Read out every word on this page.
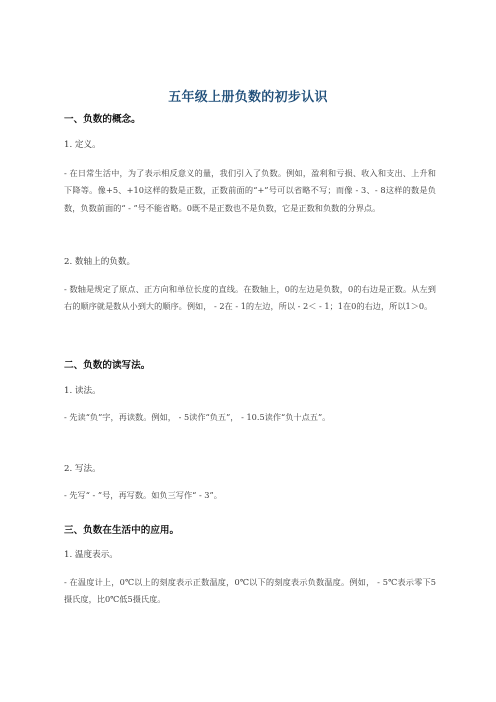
五年级上册负数的初步认识
一、负数的概念。
1. 定义。

- 在日常生活中，为了表示相反意义的量，我们引入了负数。例如，盈利和亏损、收入和支出、上升和下降等。像+5、+10这样的数是正数，正数前面的“+”号可以省略不写；而像 - 3、- 8这样的数是负数，负数前面的“ - ”号不能省略。0既不是正数也不是负数，它是正数和负数的分界点。

2. 数轴上的负数。

- 数轴是规定了原点、正方向和单位长度的直线。在数轴上，0的左边是负数，0的右边是正数。从左到右的顺序就是数从小到大的顺序。例如， - 2在 - 1的左边，所以 - 2＜ - 1；1在0的右边，所以1＞0。

二、负数的读写法。
1. 读法。

- 先读“负”字，再读数。例如， - 5读作“负五”， - 10.5读作“负十点五”。

2. 写法。

- 先写“ - ”号，再写数。如负三写作“ - 3”。

三、负数在生活中的应用。
1. 温度表示。

- 在温度计上，0℃以上的刻度表示正数温度，0℃以下的刻度表示负数温度。例如， - 5℃表示零下5摄氏度，比0℃低5摄氏度。
